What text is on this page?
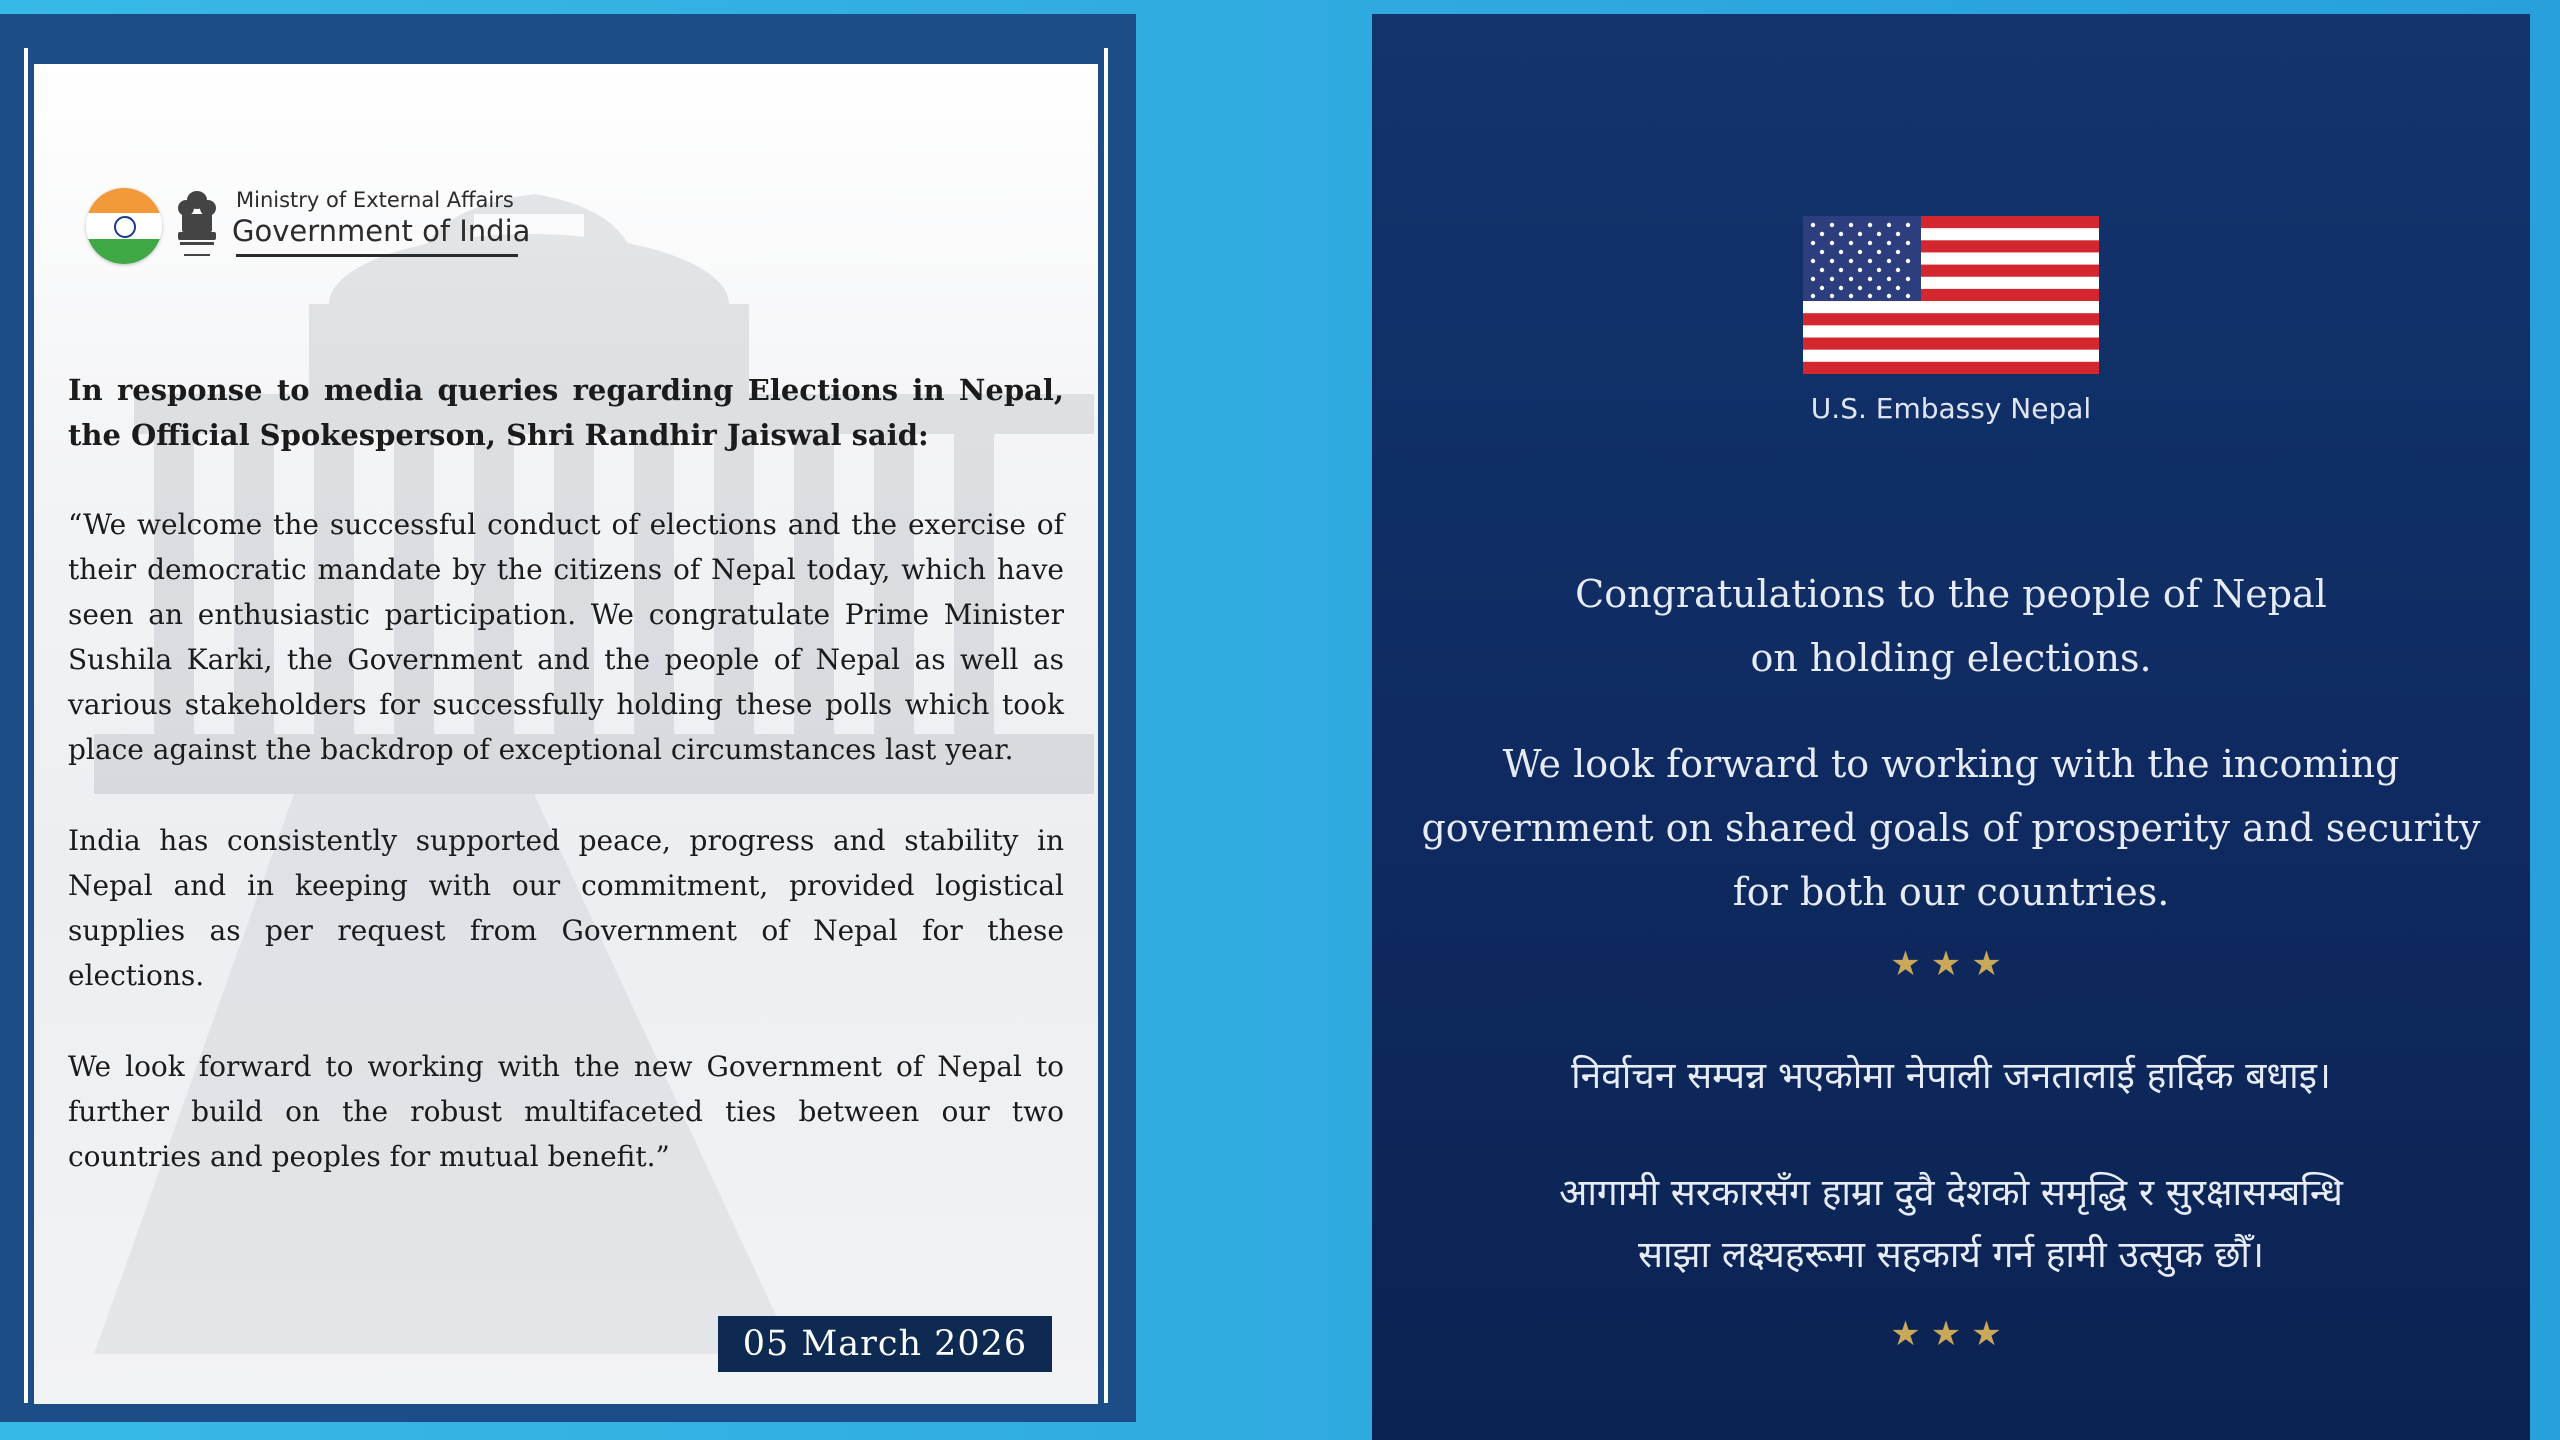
Ministry of External Affairs
Government of India
In response to media queries regarding Elections in Nepal, the Official Spokesperson, Shri Randhir Jaiswal said:
“We welcome the successful conduct of elections and the exercise of their democratic mandate by the citizens of Nepal today, which have seen an enthusiastic participation. We congratulate Prime Minister Sushila Karki, the Government and the people of Nepal as well as various stakeholders for successfully holding these polls which took place against the backdrop of exceptional circumstances last year.
India has consistently supported peace, progress and stability in Nepal and in keeping with our commitment, provided logistical supplies as per request from Government of Nepal for these elections.
We look forward to working with the new Government of Nepal to further build on the robust multifaceted ties between our two countries and peoples for mutual benefit.”
05 March 2026
U.S. Embassy Nepal
Congratulations to the people of Nepal
on holding elections.
We look forward to working with the incoming
government on shared goals of prosperity and security
for both our countries.
★★★
निर्वाचन सम्पन्न भएकोमा नेपाली जनतालाई हार्दिक बधाइ।
आगामी सरकारसँग हाम्रा दुवै देशको समृद्धि र सुरक्षासम्बन्धि
साझा लक्ष्यहरूमा सहकार्य गर्न हामी उत्सुक छौँ।
★★★
